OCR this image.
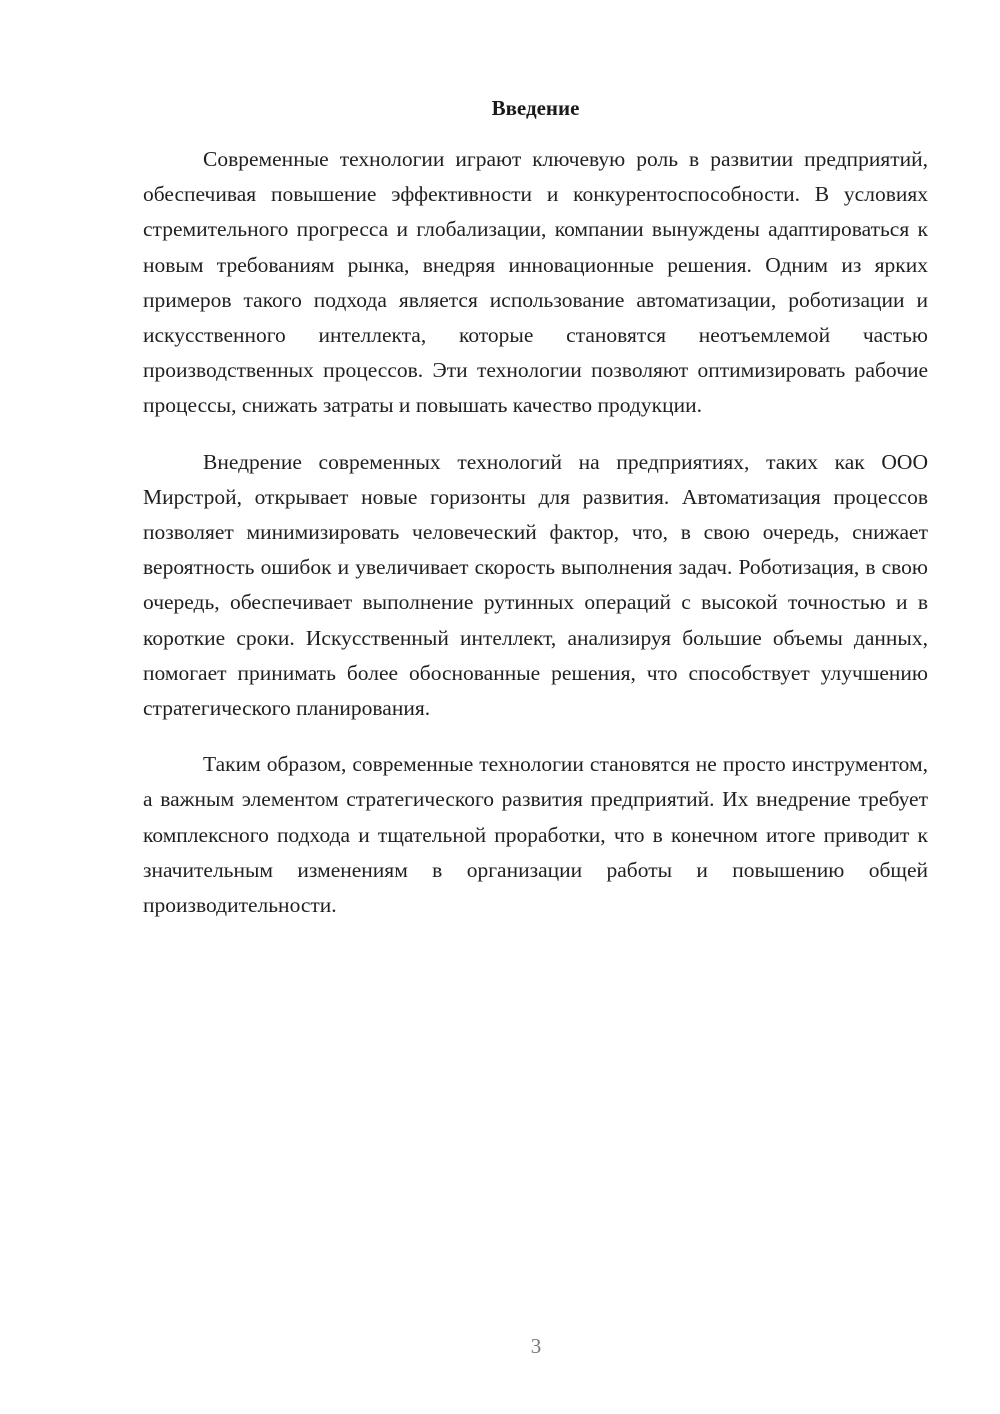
Введение

Современные технологии играют ключевую роль в развитии предприятий, обеспечивая повышение эффективности и конкурентоспособности. В условиях стремительного прогресса и глобализации, компании вынуждены адаптироваться к новым требованиям рынка, внедряя инновационные решения. Одним из ярких примеров такого подхода является использование автоматизации, роботизации и искусственного интеллекта, которые становятся неотъемлемой частью производственных процессов. Эти технологии позволяют оптимизировать рабочие процессы, снижать затраты и повышать качество продукции.

Внедрение современных технологий на предприятиях, таких как ООО Мирстрой, открывает новые горизонты для развития. Автоматизация процессов позволяет минимизировать человеческий фактор, что, в свою очередь, снижает вероятность ошибок и увеличивает скорость выполнения задач. Роботизация, в свою очередь, обеспечивает выполнение рутинных операций с высокой точностью и в короткие сроки. Искусственный интеллект, анализируя большие объемы данных, помогает принимать более обоснованные решения, что способствует улучшению стратегического планирования.

Таким образом, современные технологии становятся не просто инструментом, а важным элементом стратегического развития предприятий. Их внедрение требует комплексного подхода и тщательной проработки, что в конечном итоге приводит к значительным изменениям в организации работы и повышению общей производительности.

3
